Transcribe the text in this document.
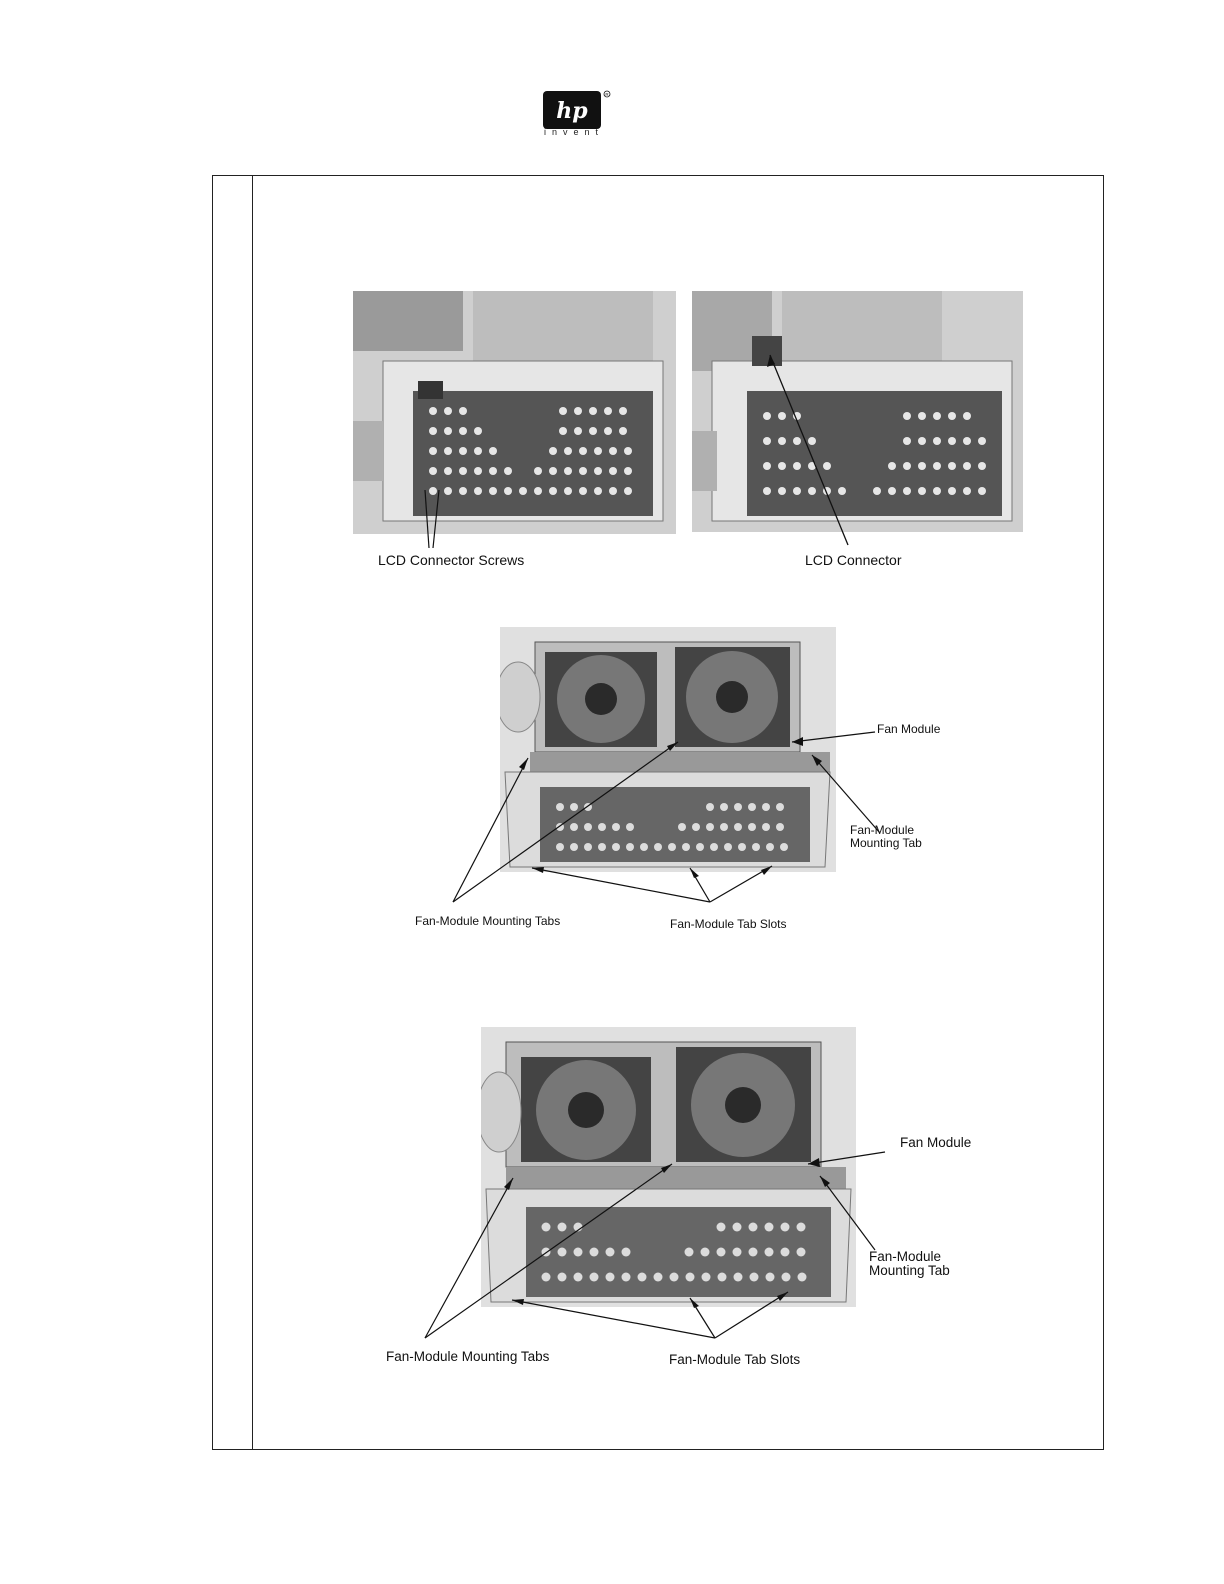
hp
R
invent
LCD Connector Screws	LCD Connector
Fan Module
Fan-Module Mounting Tab
Fan-Module Mounting Tabs	Fan-Module Tab Slots
Fan Module
Fan-Module Mounting Tab
Fan-Module Mounting Tabs	Fan-Module Tab Slots
